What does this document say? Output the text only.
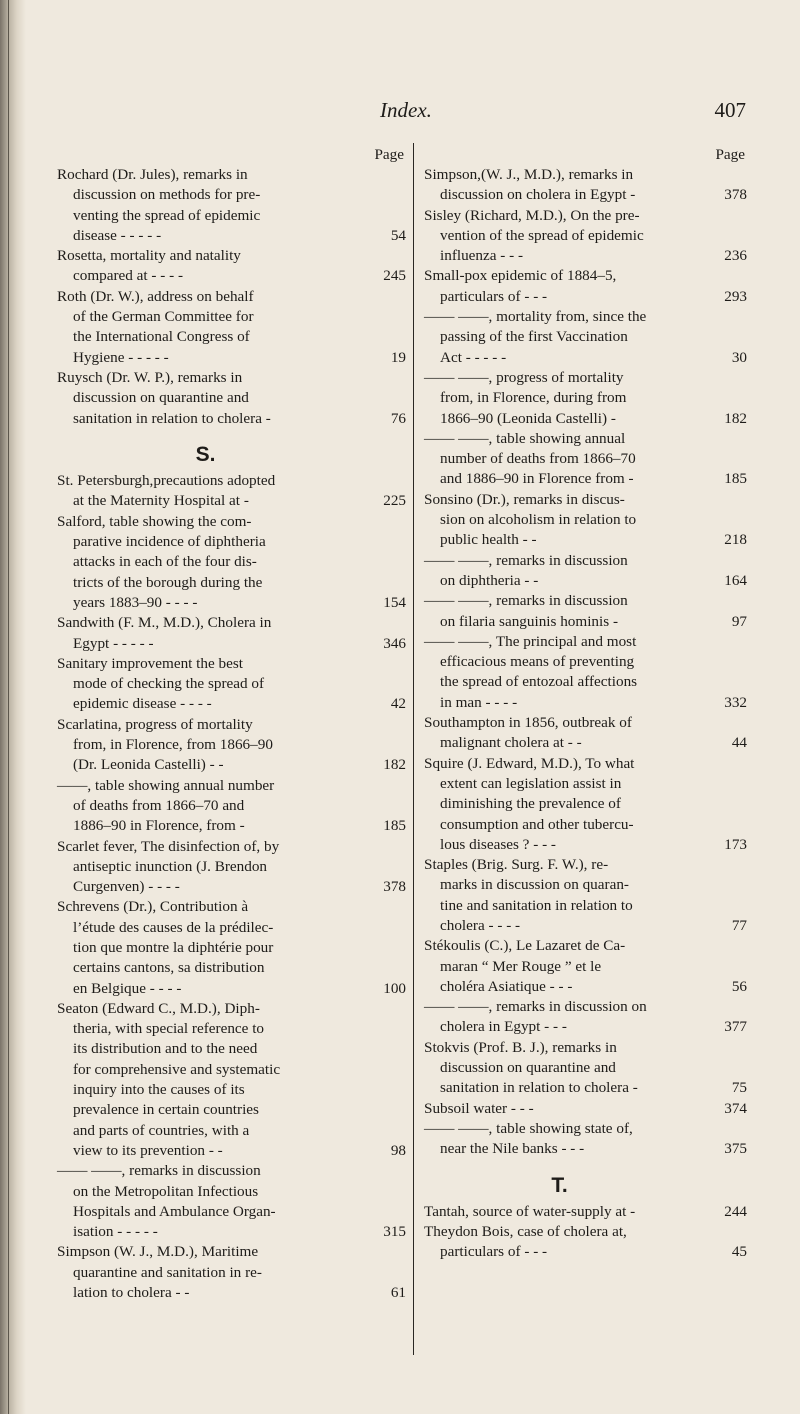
Index.	407
Page
Rochard (Dr. Jules), remarks in
discussion on methods for pre-
venting the spread of epidemic
disease - - - - -	54
Rosetta, mortality and natality
compared at - - - -	245
Roth (Dr. W.), address on behalf
of the German Committee for
the International Congress of
Hygiene - - - - -	19
Ruysch (Dr. W. P.), remarks in
discussion on quarantine and
sanitation in relation to cholera -	76
S.
St. Petersburgh,precautions adopted
at the Maternity Hospital at -	225
Salford, table showing the com-
parative incidence of diphtheria
attacks in each of the four dis-
tricts of the borough during the
years 1883–90 - - - -	154
Sandwith (F. M., M.D.), Cholera in
Egypt - - - - -	346
Sanitary improvement the best
mode of checking the spread of
epidemic disease - - - -	42
Scarlatina, progress of mortality
from, in Florence, from 1866–90
(Dr. Leonida Castelli) - -	182
——, table showing annual number
of deaths from 1866–70 and
1886–90 in Florence, from -	185
Scarlet fever, The disinfection of, by
antiseptic inunction (J. Brendon
Curgenven) - - - -	378
Schrevens (Dr.), Contribution à
l’étude des causes de la prédilec-
tion que montre la diphtérie pour
certains cantons, sa distribution
en Belgique - - - -	100
Seaton (Edward C., M.D.), Diph-
theria, with special reference to
its distribution and to the need
for comprehensive and systematic
inquiry into the causes of its
prevalence in certain countries
and parts of countries, with a
view to its prevention - -	98
—— ——, remarks in discussion
on the Metropolitan Infectious
Hospitals and Ambulance Organ-
isation - - - - -	315
Simpson (W. J., M.D.), Maritime
quarantine and sanitation in re-
lation to cholera - -	61
Page
Simpson,(W. J., M.D.), remarks in
discussion on cholera in Egypt -	378
Sisley (Richard, M.D.), On the pre-
vention of the spread of epidemic
influenza - - -	236
Small-pox epidemic of 1884–5,
particulars of - - -	293
—— ——, mortality from, since the
passing of the first Vaccination
Act - - - - -	30
—— ——, progress of mortality
from, in Florence, during from
1866–90 (Leonida Castelli) -	182
—— ——, table showing annual
number of deaths from 1866–70
and 1886–90 in Florence from -	185
Sonsino (Dr.), remarks in discus-
sion on alcoholism in relation to
public health - -	218
—— ——, remarks in discussion
on diphtheria - -	164
—— ——, remarks in discussion
on filaria sanguinis hominis -	97
—— ——, The principal and most
efficacious means of preventing
the spread of entozoal affections
in man - - - -	332
Southampton in 1856, outbreak of
malignant cholera at - -	44
Squire (J. Edward, M.D.), To what
extent can legislation assist in
diminishing the prevalence of
consumption and other tubercu-
lous diseases ? - - -	173
Staples (Brig. Surg. F. W.), re-
marks in discussion on quaran-
tine and sanitation in relation to
cholera - - - -	77
Stékoulis (C.), Le Lazaret de Ca-
maran “ Mer Rouge ” et le
choléra Asiatique - - -	56
—— ——, remarks in discussion on
cholera in Egypt - - -	377
Stokvis (Prof. B. J.), remarks in
discussion on quarantine and
sanitation in relation to cholera -	75
Subsoil water - - -	374
—— ——, table showing state of,
near the Nile banks - - -	375
T.
Tantah, source of water-supply at -	244
Theydon Bois, case of cholera at,
particulars of - - -	45
